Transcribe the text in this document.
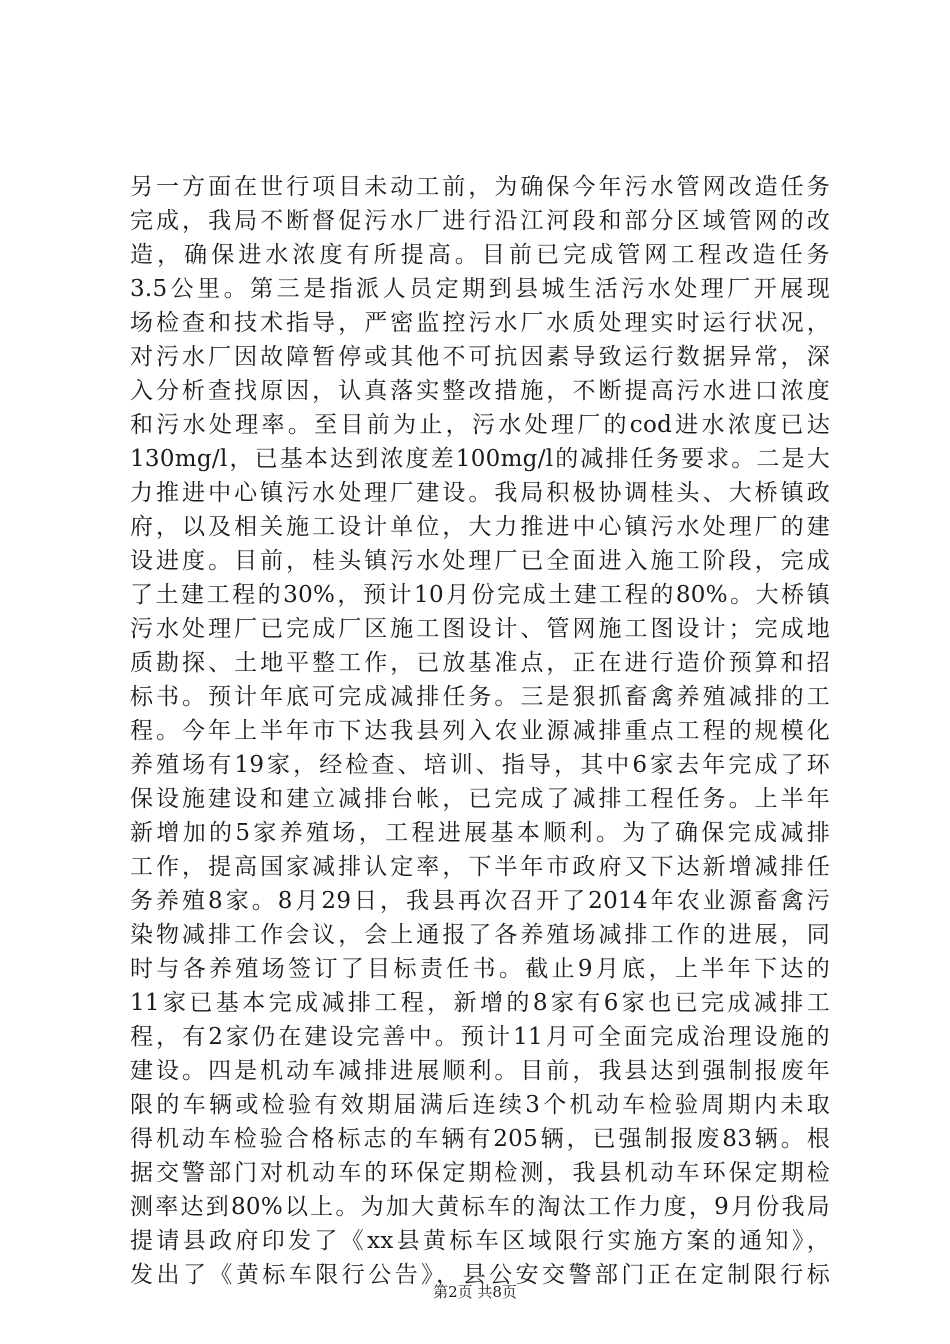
另一方面在世行项目未动工前，为确保今年污水管网改造任务
完成，我局不断督促污水厂进行沿江河段和部分区域管网的改
造，确保进水浓度有所提高。目前已完成管网工程改造任务
3.5公里。第三是指派人员定期到县城生活污水处理厂开展现
场检查和技术指导，严密监控污水厂水质处理实时运行状况，
对污水厂因故障暂停或其他不可抗因素导致运行数据异常，深
入分析查找原因，认真落实整改措施，不断提高污水进口浓度
和污水处理率。至目前为止，污水处理厂的cod进水浓度已达
130mg/l，已基本达到浓度差100mg/l的减排任务要求。二是大
力推进中心镇污水处理厂建设。我局积极协调桂头、大桥镇政
府，以及相关施工设计单位，大力推进中心镇污水处理厂的建
设进度。目前，桂头镇污水处理厂已全面进入施工阶段，完成
了土建工程的30%，预计10月份完成土建工程的80%。大桥镇
污水处理厂已完成厂区施工图设计、管网施工图设计；完成地
质勘探、土地平整工作，已放基准点，正在进行造价预算和招
标书。预计年底可完成减排任务。三是狠抓畜禽养殖减排的工
程。今年上半年市下达我县列入农业源减排重点工程的规模化
养殖场有19家，经检查、培训、指导，其中6家去年完成了环
保设施建设和建立减排台帐，已完成了减排工程任务。上半年
新增加的5家养殖场，工程进展基本顺利。为了确保完成减排
工作，提高国家减排认定率，下半年市政府又下达新增减排任
务养殖8家。8月29日，我县再次召开了2014年农业源畜禽污
染物减排工作会议，会上通报了各养殖场减排工作的进展，同
时与各养殖场签订了目标责任书。截止9月底，上半年下达的
11家已基本完成减排工程，新增的8家有6家也已完成减排工
程，有2家仍在建设完善中。预计11月可全面完成治理设施的
建设。四是机动车减排进展顺利。目前，我县达到强制报废年
限的车辆或检验有效期届满后连续3个机动车检验周期内未取
得机动车检验合格标志的车辆有205辆，已强制报废83辆。根
据交警部门对机动车的环保定期检测，我县机动车环保定期检
测率达到80%以上。为加大黄标车的淘汰工作力度，9月份我局
提请县政府印发了《xx县黄标车区域限行实施方案的通知》，
发出了《黄标车限行公告》，县公安交警部门正在定制限行标
第2页 共8页
